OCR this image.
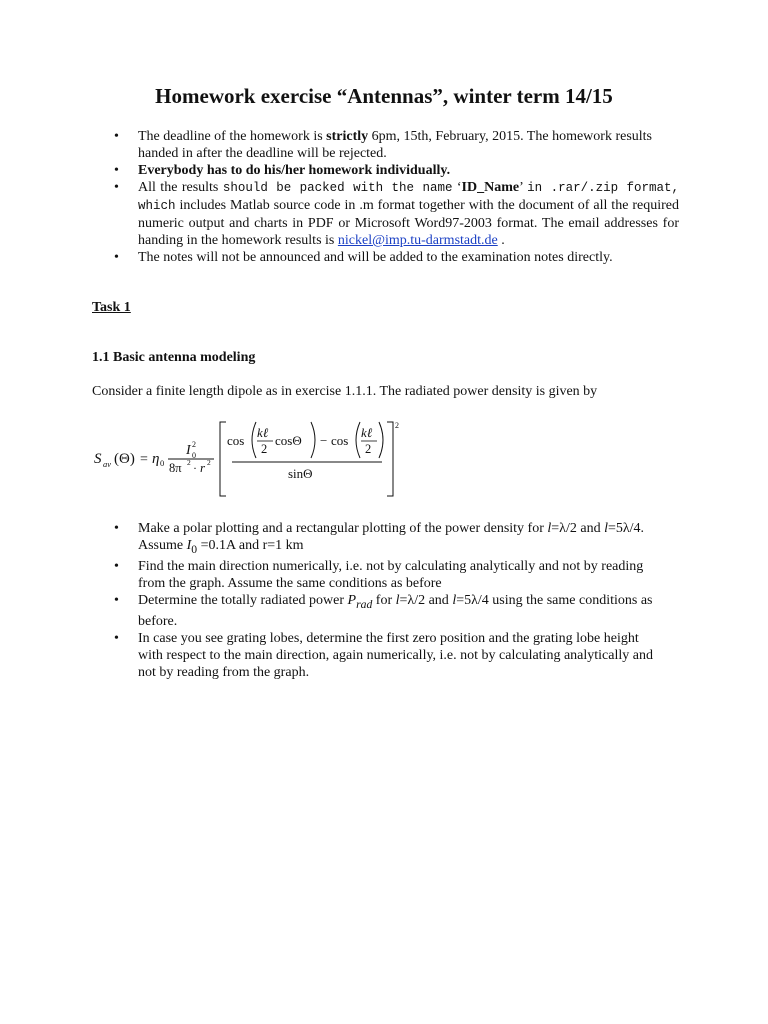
Homework exercise “Antennas”, winter term 14/15
• The deadline of the homework is strictly 6pm, 15th, February, 2015. The homework results handed in after the deadline will be rejected.
• Everybody has to do his/her homework individually.
• All the results should be packed with the name ‘ID_Name’ in .rar/.zip format, which includes Matlab source code in .m format together with the document of all the required numeric output and charts in PDF or Microsoft Word97-2003 format. The email addresses for handing in the homework results is nickel@imp.tu-darmstadt.de .
• The notes will not be announced and will be added to the examination notes directly.

Task 1

1.1 Basic antenna modeling

Consider a finite length dipole as in exercise 1.1.1. The radiated power density is given by

S av (Θ) = η 0
I 0
2
8π 2 · r 2
2
cos
kℓ
2
cosΘ − cos
kℓ
2
sinΘ
• Make a polar plotting and a rectangular plotting of the power density for l=λ/2 and l=5λ/4. Assume $I_0 =0.1A$ and r=1 km
• Find the main direction numerically, i.e. not by calculating analytically and not by reading from the graph. Assume the same conditions as before
• Determine the totally radiated power $P_{rad}$ for l=λ/2 and l=5λ/4 using the same conditions as before.
• In case you see grating lobes, determine the first zero position and the grating lobe height with respect to the main direction, again numerically, i.e. not by calculating analytically and not by reading from the graph.
